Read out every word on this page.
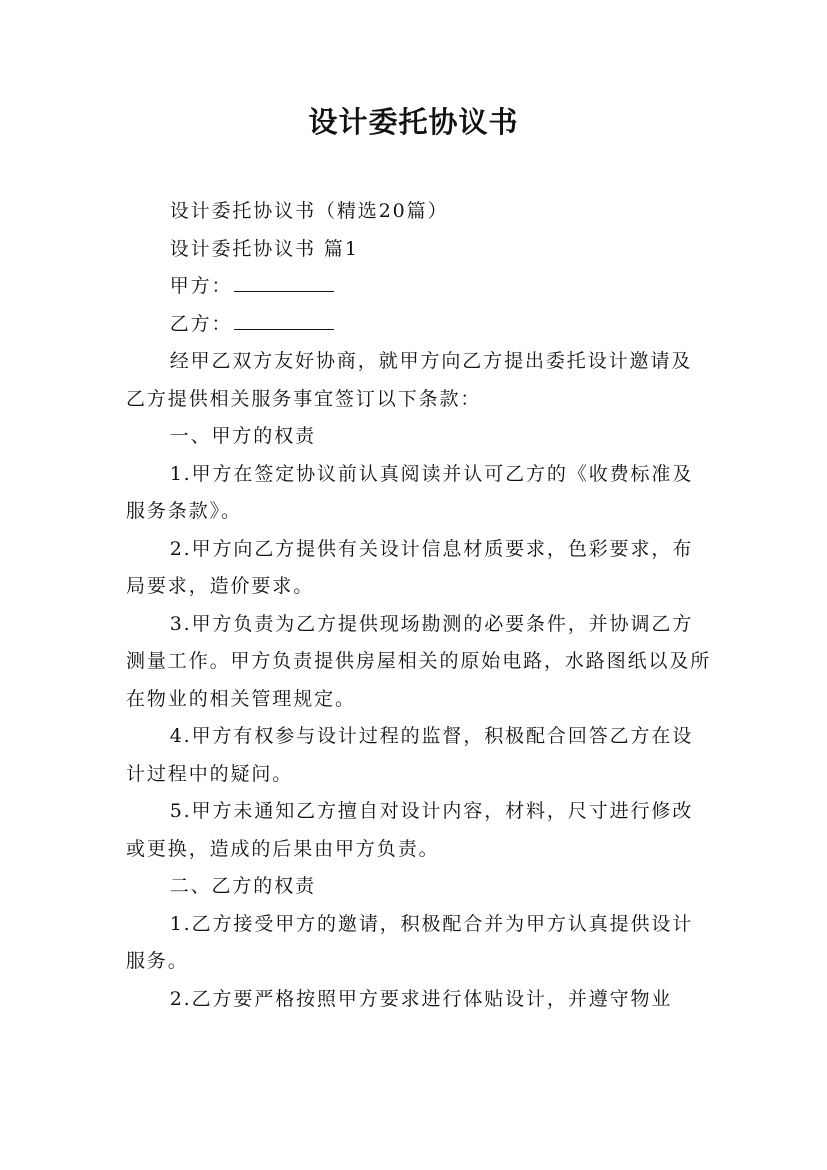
设计委托协议书

设计委托协议书（精选20篇）

设计委托协议书 篇1

甲方：

乙方：

经甲乙双方友好协商，就甲方向乙方提出委托设计邀请及乙方提供相关服务事宜签订以下条款：

一、甲方的权责

1.甲方在签定协议前认真阅读并认可乙方的《收费标准及服务条款》。

2.甲方向乙方提供有关设计信息材质要求，色彩要求，布局要求，造价要求。

3.甲方负责为乙方提供现场勘测的必要条件，并协调乙方测量工作。甲方负责提供房屋相关的原始电路，水路图纸以及所在物业的相关管理规定。

4.甲方有权参与设计过程的监督，积极配合回答乙方在设计过程中的疑问。

5.甲方未通知乙方擅自对设计内容，材料，尺寸进行修改或更换，造成的后果由甲方负责。

二、乙方的权责

1.乙方接受甲方的邀请，积极配合并为甲方认真提供设计服务。

2.乙方要严格按照甲方要求进行体贴设计，并遵守物业
